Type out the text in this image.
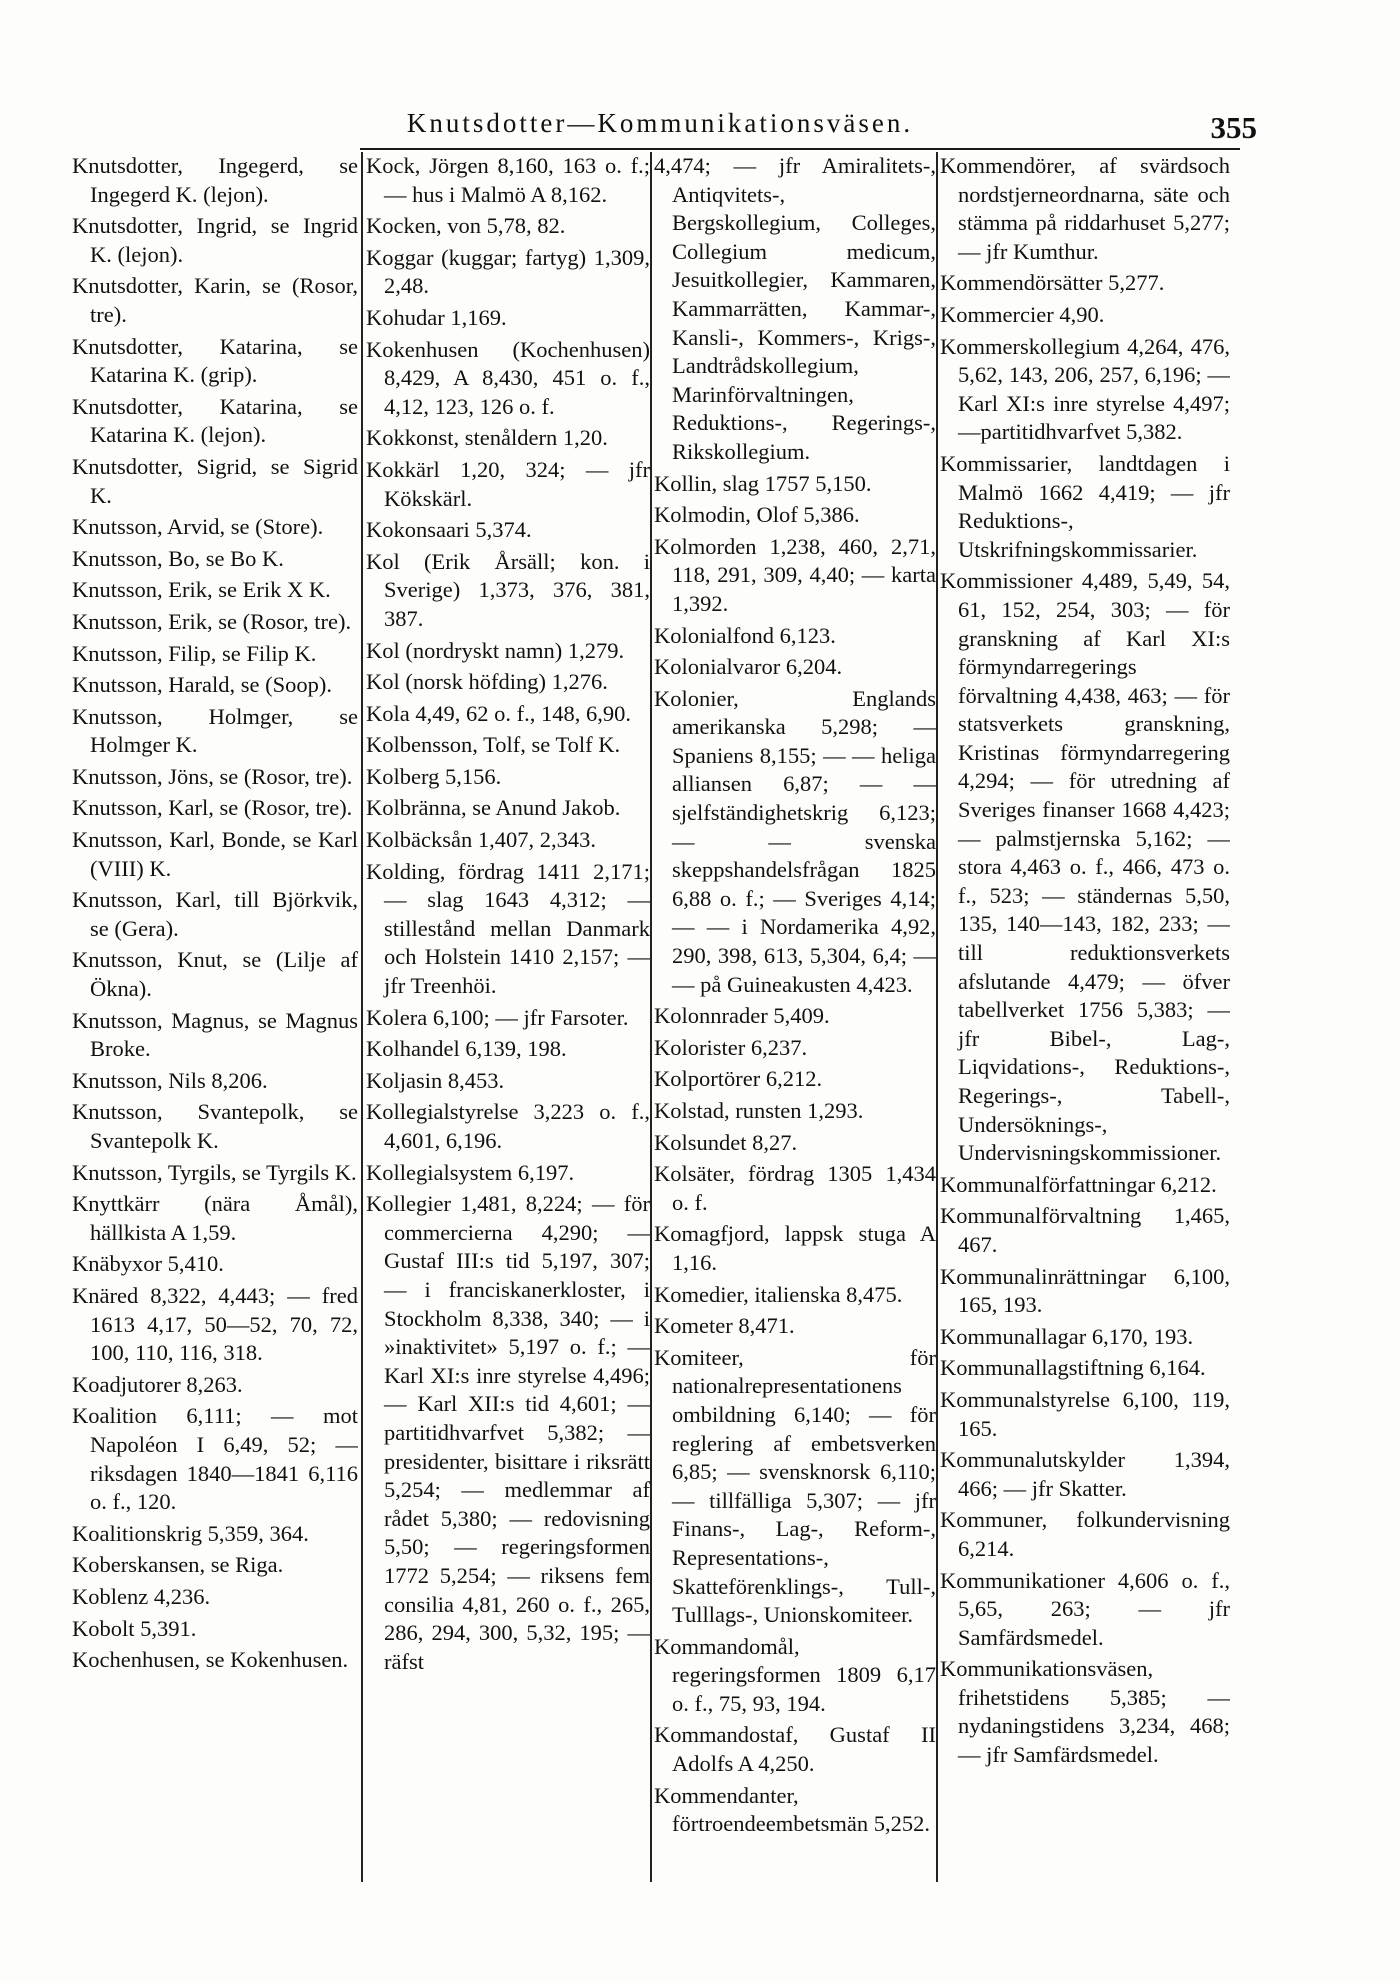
Knutsdotter—Kommunikationsväsen.	355

Knutsdotter, Ingegerd, se Ingegerd K. (lejon).

Knutsdotter, Ingrid, se Ingrid K. (lejon).

Knutsdotter, Karin, se (Rosor, tre).

Knutsdotter, Katarina, se Katarina K. (grip).

Knutsdotter, Katarina, se Katarina K. (lejon).

Knutsdotter, Sigrid, se Sigrid K.

Knutsson, Arvid, se (Store).

Knutsson, Bo, se Bo K.

Knutsson, Erik, se Erik X K.

Knutsson, Erik, se (Rosor, tre).

Knutsson, Filip, se Filip K.

Knutsson, Harald, se (Soop).

Knutsson, Holmger, se Holmger K.

Knutsson, Jöns, se (Rosor, tre).

Knutsson, Karl, se (Rosor, tre).

Knutsson, Karl, Bonde, se Karl (VIII) K.

Knutsson, Karl, till Björkvik, se (Gera).

Knutsson, Knut, se (Lilje af Ökna).

Knutsson, Magnus, se Magnus Broke.

Knutsson, Nils 8,206.

Knutsson, Svantepolk, se Svantepolk K.

Knutsson, Tyrgils, se Tyrgils K.

Knyttkärr (nära Åmål), hällkista A 1,59.

Knäbyxor 5,410.

Knäred 8,322, 4,443; — fred 1613 4,17, 50—52, 70, 72, 100, 110, 116, 318.

Koadjutorer 8,263.

Koalition 6,111; — mot Napoléon I 6,49, 52; — riksdagen 1840—1841 6,116 o. f., 120.

Koalitionskrig 5,359, 364.

Koberskansen, se Riga.

Koblenz 4,236.

Kobolt 5,391.

Kochenhusen, se Kokenhusen.

Kock, Jörgen 8,160, 163 o. f.; — hus i Malmö A 8,162.

Kocken, von 5,78, 82.

Koggar (kuggar; fartyg) 1,309, 2,48.

Kohudar 1,169.

Kokenhusen (Kochenhusen) 8,429, A 8,430, 451 o. f., 4,12, 123, 126 o. f.

Kokkonst, stenåldern 1,20.

Kokkärl 1,20, 324; — jfr Kökskärl.

Kokonsaari 5,374.

Kol (Erik Årsäll; kon. i Sverige) 1,373, 376, 381, 387.

Kol (nordryskt namn) 1,279.

Kol (norsk höfding) 1,276.

Kola 4,49, 62 o. f., 148, 6,90.

Kolbensson, Tolf, se Tolf K.

Kolberg 5,156.

Kolbränna, se Anund Jakob.

Kolbäcksån 1,407, 2,343.

Kolding, fördrag 1411 2,171; — slag 1643 4,312; — stillestånd mellan Danmark och Holstein 1410 2,157; — jfr Treenhöi.

Kolera 6,100; — jfr Farsoter.

Kolhandel 6,139, 198.

Koljasin 8,453.

Kollegialstyrelse 3,223 o. f., 4,601, 6,196.

Kollegialsystem 6,197.

Kollegier 1,481, 8,224; — för commercierna 4,290; — Gustaf III:s tid 5,197, 307; — i franciskanerkloster, i Stockholm 8,338, 340; — i »inaktivitet» 5,197 o. f.; — Karl XI:s inre styrelse 4,496; — Karl XII:s tid 4,601; — partitidhvarfvet 5,382; — presidenter, bisittare i riksrätt 5,254; — medlemmar af rådet 5,380; — redovisning 5,50; — regeringsformen 1772 5,254; — riksens fem consilia 4,81, 260 o. f., 265, 286, 294, 300, 5,32, 195; — räfst

4,474; — jfr Amiralitets-, Antiqvitets-, Bergskollegium, Colleges, Collegium medicum, Jesuitkollegier, Kammaren, Kammarrätten, Kammar-, Kansli-, Kommers-, Krigs-, Landtrådskollegium, Marinförvaltningen, Reduktions-, Regerings-, Rikskollegium.

Kollin, slag 1757 5,150.

Kolmodin, Olof 5,386.

Kolmorden 1,238, 460, 2,71, 118, 291, 309, 4,40; — karta 1,392.

Kolonialfond 6,123.

Kolonialvaror 6,204.

Kolonier, Englands amerikanska 5,298; — Spaniens 8,155; — — heliga alliansen 6,87; — — sjelfständighetskrig 6,123; — — svenska skeppshandelsfrågan 1825 6,88 o. f.; — Sveriges 4,14; — — i Nordamerika 4,92, 290, 398, 613, 5,304, 6,4; — — på Guineakusten 4,423.

Kolonnrader 5,409.

Kolorister 6,237.

Kolportörer 6,212.

Kolstad, runsten 1,293.

Kolsundet 8,27.

Kolsäter, fördrag 1305 1,434 o. f.

Komagfjord, lappsk stuga A 1,16.

Komedier, italienska 8,475.

Kometer 8,471.

Komiteer, för nationalrepresentationens ombildning 6,140; — för reglering af embetsverken 6,85; — svensknorsk 6,110; — tillfälliga 5,307; — jfr Finans-, Lag-, Reform-, Representations-, Skatteförenklings-, Tull-, Tulllags-, Unionskomiteer.

Kommandomål, regeringsformen 1809 6,17 o. f., 75, 93, 194.

Kommandostaf, Gustaf II Adolfs A 4,250.

Kommendanter, förtroendeembetsmän 5,252.

Kommendörer, af svärdsoch nordstjerneordnarna, säte och stämma på riddarhuset 5,277; — jfr Kumthur.

Kommendörsätter 5,277.

Kommercier 4,90.

Kommerskollegium 4,264, 476, 5,62, 143, 206, 257, 6,196; — Karl XI:s inre styrelse 4,497; —partitidhvarfvet 5,382.

Kommissarier, landtdagen i Malmö 1662 4,419; — jfr Reduktions-, Utskrifningskommissarier.

Kommissioner 4,489, 5,49, 54, 61, 152, 254, 303; — för granskning af Karl XI:s förmyndarregerings förvaltning 4,438, 463; — för statsverkets granskning, Kristinas förmyndarregering 4,294; — för utredning af Sveriges finanser 1668 4,423; — palmstjernska 5,162; — stora 4,463 o. f., 466, 473 o. f., 523; — ständernas 5,50, 135, 140—143, 182, 233; — till reduktionsverkets afslutande 4,479; — öfver tabellverket 1756 5,383; — jfr Bibel-, Lag-, Liqvidations-, Reduktions-, Regerings-, Tabell-, Undersöknings-, Undervisningskommissioner.

Kommunalförfattningar 6,212.

Kommunalförvaltning 1,465, 467.

Kommunalinrättningar 6,100, 165, 193.

Kommunallagar 6,170, 193.

Kommunallagstiftning 6,164.

Kommunalstyrelse 6,100, 119, 165.

Kommunalutskylder 1,394, 466; — jfr Skatter.

Kommuner, folkundervisning 6,214.

Kommunikationer 4,606 o. f., 5,65, 263; — jfr Samfärdsmedel.

Kommunikationsväsen, frihetstidens 5,385; — nydaningstidens 3,234, 468; — jfr Samfärdsmedel.
